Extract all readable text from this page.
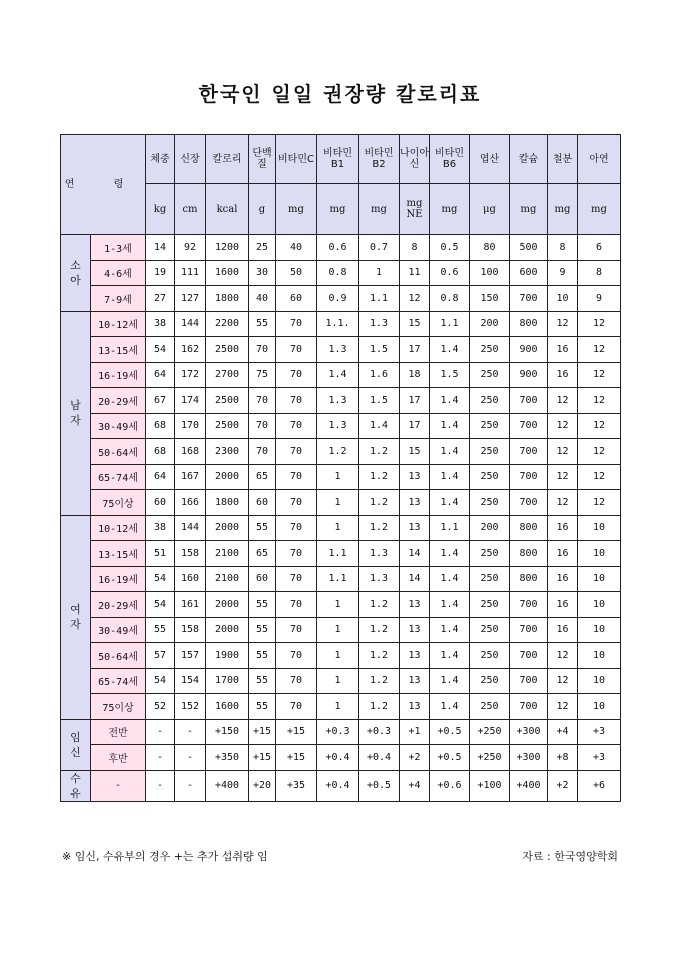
한국인 일일 권장량 칼로리표
연 령		체중	신장	칼로리	단백질	비타민C	비타민B1	비타민B2	나이아신	비타민B6	엽산	칼슘	철분	아연
		kg	cm	kcal	g	mg	mg	mg	mg NE	mg	μg	mg	mg	mg
소아	1-3세	14	92	1200	25	40	0.6	0.7	8	0.5	80	500	8	6
	4-6세	19	111	1600	30	50	0.8	1	11	0.6	100	600	9	8
	7-9세	27	127	1800	40	60	0.9	1.1	12	0.8	150	700	10	9
남자	10-12세	38	144	2200	55	70	1.1.	1.3	15	1.1	200	800	12	12
	13-15세	54	162	2500	70	70	1.3	1.5	17	1.4	250	900	16	12
	16-19세	64	172	2700	75	70	1.4	1.6	18	1.5	250	900	16	12
	20-29세	67	174	2500	70	70	1.3	1.5	17	1.4	250	700	12	12
	30-49세	68	170	2500	70	70	1.3	1.4	17	1.4	250	700	12	12
	50-64세	68	168	2300	70	70	1.2	1.2	15	1.4	250	700	12	12
	65-74세	64	167	2000	65	70	1	1.2	13	1.4	250	700	12	12
	75이상	60	166	1800	60	70	1	1.2	13	1.4	250	700	12	12
여자	10-12세	38	144	2000	55	70	1	1.2	13	1.1	200	800	16	10
	13-15세	51	158	2100	65	70	1.1	1.3	14	1.4	250	800	16	10
	16-19세	54	160	2100	60	70	1.1	1.3	14	1.4	250	800	16	10
	20-29세	54	161	2000	55	70	1	1.2	13	1.4	250	700	16	10
	30-49세	55	158	2000	55	70	1	1.2	13	1.4	250	700	16	10
	50-64세	57	157	1900	55	70	1	1.2	13	1.4	250	700	12	10
	65-74세	54	154	1700	55	70	1	1.2	13	1.4	250	700	12	10
	75이상	52	152	1600	55	70	1	1.2	13	1.4	250	700	12	10
임신	전반	-	-	+150	+15	+15	+0.3	+0.3	+1	+0.5	+250	+300	+4	+3
	후반	-	-	+350	+15	+15	+0.4	+0.4	+2	+0.5	+250	+300	+8	+3
수유	-	-	-	+400	+20	+35	+0.4	+0.5	+4	+0.6	+100	+400	+2	+6
※ 임신, 수유부의 경우 +는 추가 섭취량 임	자료 : 한국영양학회
